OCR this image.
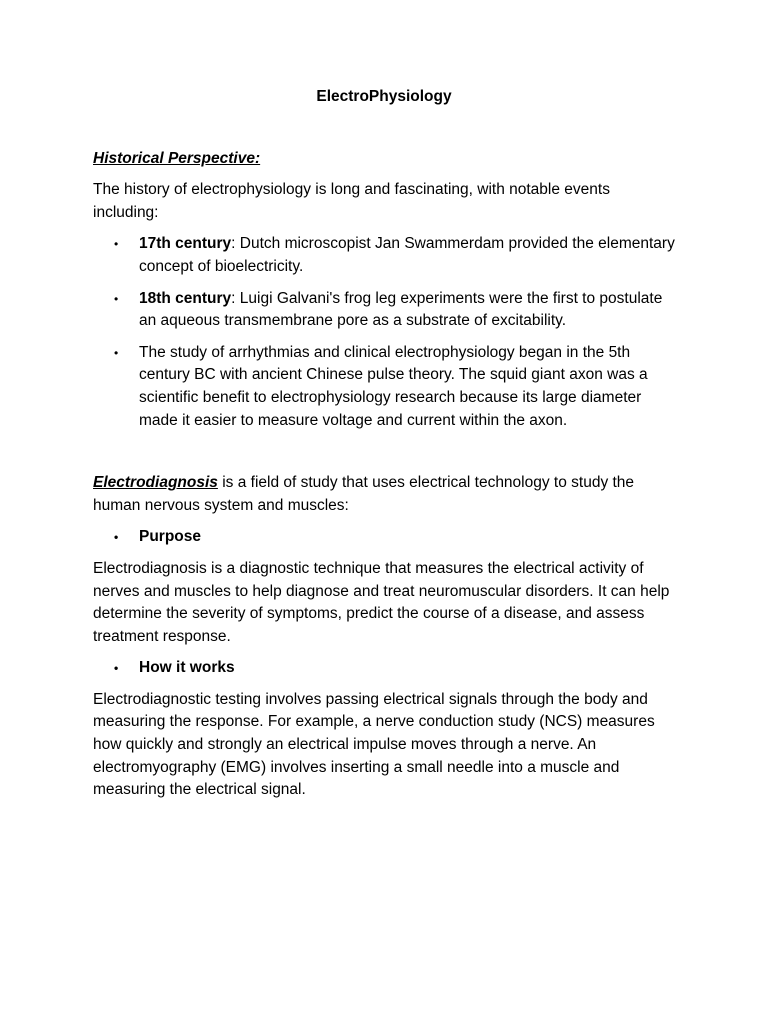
ElectroPhysiology
Historical Perspective:

The history of electrophysiology is long and fascinating, with notable events including:

• 17th century: Dutch microscopist Jan Swammerdam provided the elementary concept of bioelectricity.
• 18th century: Luigi Galvani's frog leg experiments were the first to postulate an aqueous transmembrane pore as a substrate of excitability.
• The study of arrhythmias and clinical electrophysiology began in the 5th century BC with ancient Chinese pulse theory. The squid giant axon was a scientific benefit to electrophysiology research because its large diameter made it easier to measure voltage and current within the axon.

Electrodiagnosis is a field of study that uses electrical technology to study the human nervous system and muscles:

• Purpose

Electrodiagnosis is a diagnostic technique that measures the electrical activity of nerves and muscles to help diagnose and treat neuromuscular disorders. It can help determine the severity of symptoms, predict the course of a disease, and assess treatment response.

• How it works

Electrodiagnostic testing involves passing electrical signals through the body and measuring the response. For example, a nerve conduction study (NCS) measures how quickly and strongly an electrical impulse moves through a nerve. An electromyography (EMG) involves inserting a small needle into a muscle and measuring the electrical signal.
